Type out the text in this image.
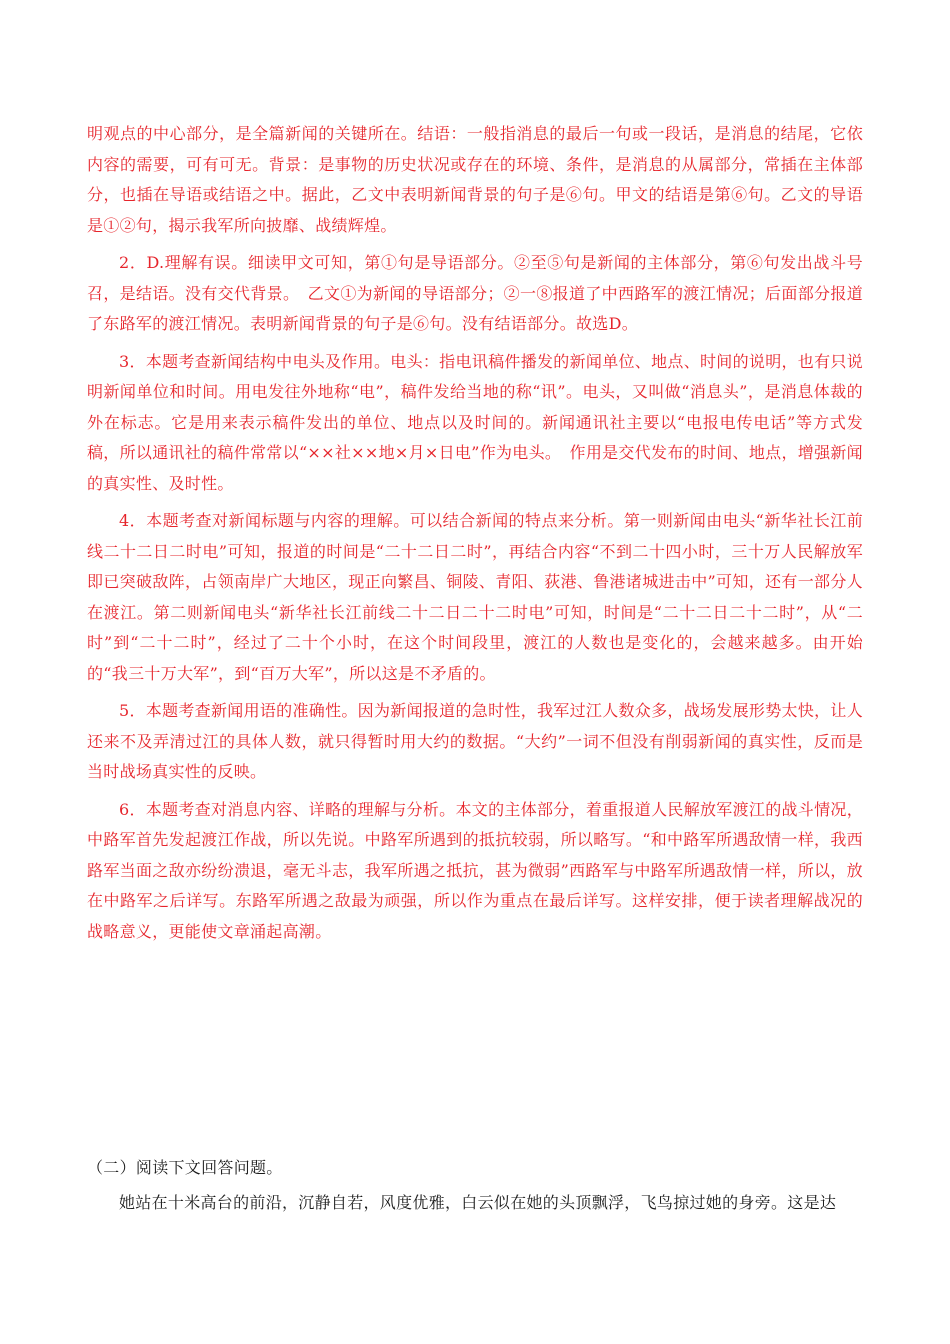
明观点的中心部分，是全篇新闻的关键所在。结语：一般指消息的最后一句或一段话，是消息的结尾，它依内容的需要，可有可无。背景：是事物的历史状况或存在的环境、条件，是消息的从属部分，常插在主体部分，也插在导语或结语之中。据此，乙文中表明新闻背景的句子是⑥句。甲文的结语是第⑥句。乙文的导语是①②句，揭示我军所向披靡、战绩辉煌。

2．D.理解有误。细读甲文可知，第①句是导语部分。②至⑤句是新闻的主体部分，第⑥句发出战斗号召，是结语。没有交代背景。　乙文①为新闻的导语部分；②一⑧报道了中西路军的渡江情况；后面部分报道了东路军的渡江情况。表明新闻背景的句子是⑥句。没有结语部分。故选D。

3．本题考查新闻结构中电头及作用。电头：指电讯稿件播发的新闻单位、地点、时间的说明，也有只说明新闻单位和时间。用电发往外地称“电”，稿件发给当地的称“讯”。电头，又叫做“消息头”，是消息体裁的外在标志。它是用来表示稿件发出的单位、地点以及时间的。新闻通讯社主要以“电报电传电话”等方式发稿，所以通讯社的稿件常常以“××社××地×月×日电”作为电头。　作用是交代发布的时间、地点，增强新闻的真实性、及时性。

4．本题考查对新闻标题与内容的理解。可以结合新闻的特点来分析。第一则新闻由电头“新华社长江前线二十二日二时电”可知，报道的时间是“二十二日二时”，再结合内容“不到二十四小时，三十万人民解放军即已突破敌阵，占领南岸广大地区，现正向繁昌、铜陵、青阳、荻港、鲁港诸城进击中”可知，还有一部分人在渡江。第二则新闻电头“新华社长江前线二十二日二十二时电”可知，时间是“二十二日二十二时”，从“二时”到“二十二时”，经过了二十个小时，在这个时间段里，渡江的人数也是变化的，会越来越多。由开始的“我三十万大军”，到“百万大军”，所以这是不矛盾的。

5．本题考查新闻用语的准确性。因为新闻报道的急时性，我军过江人数众多，战场发展形势太快，让人还来不及弄清过江的具体人数，就只得暂时用大约的数据。“大约”一词不但没有削弱新闻的真实性，反而是当时战场真实性的反映。

6．本题考查对消息内容、详略的理解与分析。本文的主体部分，着重报道人民解放军渡江的战斗情况，中路军首先发起渡江作战，所以先说。中路军所遇到的抵抗较弱，所以略写。“和中路军所遇敌情一样，我西路军当面之敌亦纷纷溃退，毫无斗志，我军所遇之抵抗，甚为微弱”西路军与中路军所遇敌情一样，所以，放在中路军之后详写。东路军所遇之敌最为顽强，所以作为重点在最后详写。这样安排，便于读者理解战况的战略意义，更能使文章涌起高潮。

（二）阅读下文回答问题。

她站在十米高台的前沿，沉静自若，风度优雅，白云似在她的头顶飘浮，飞鸟掠过她的身旁。这是达
